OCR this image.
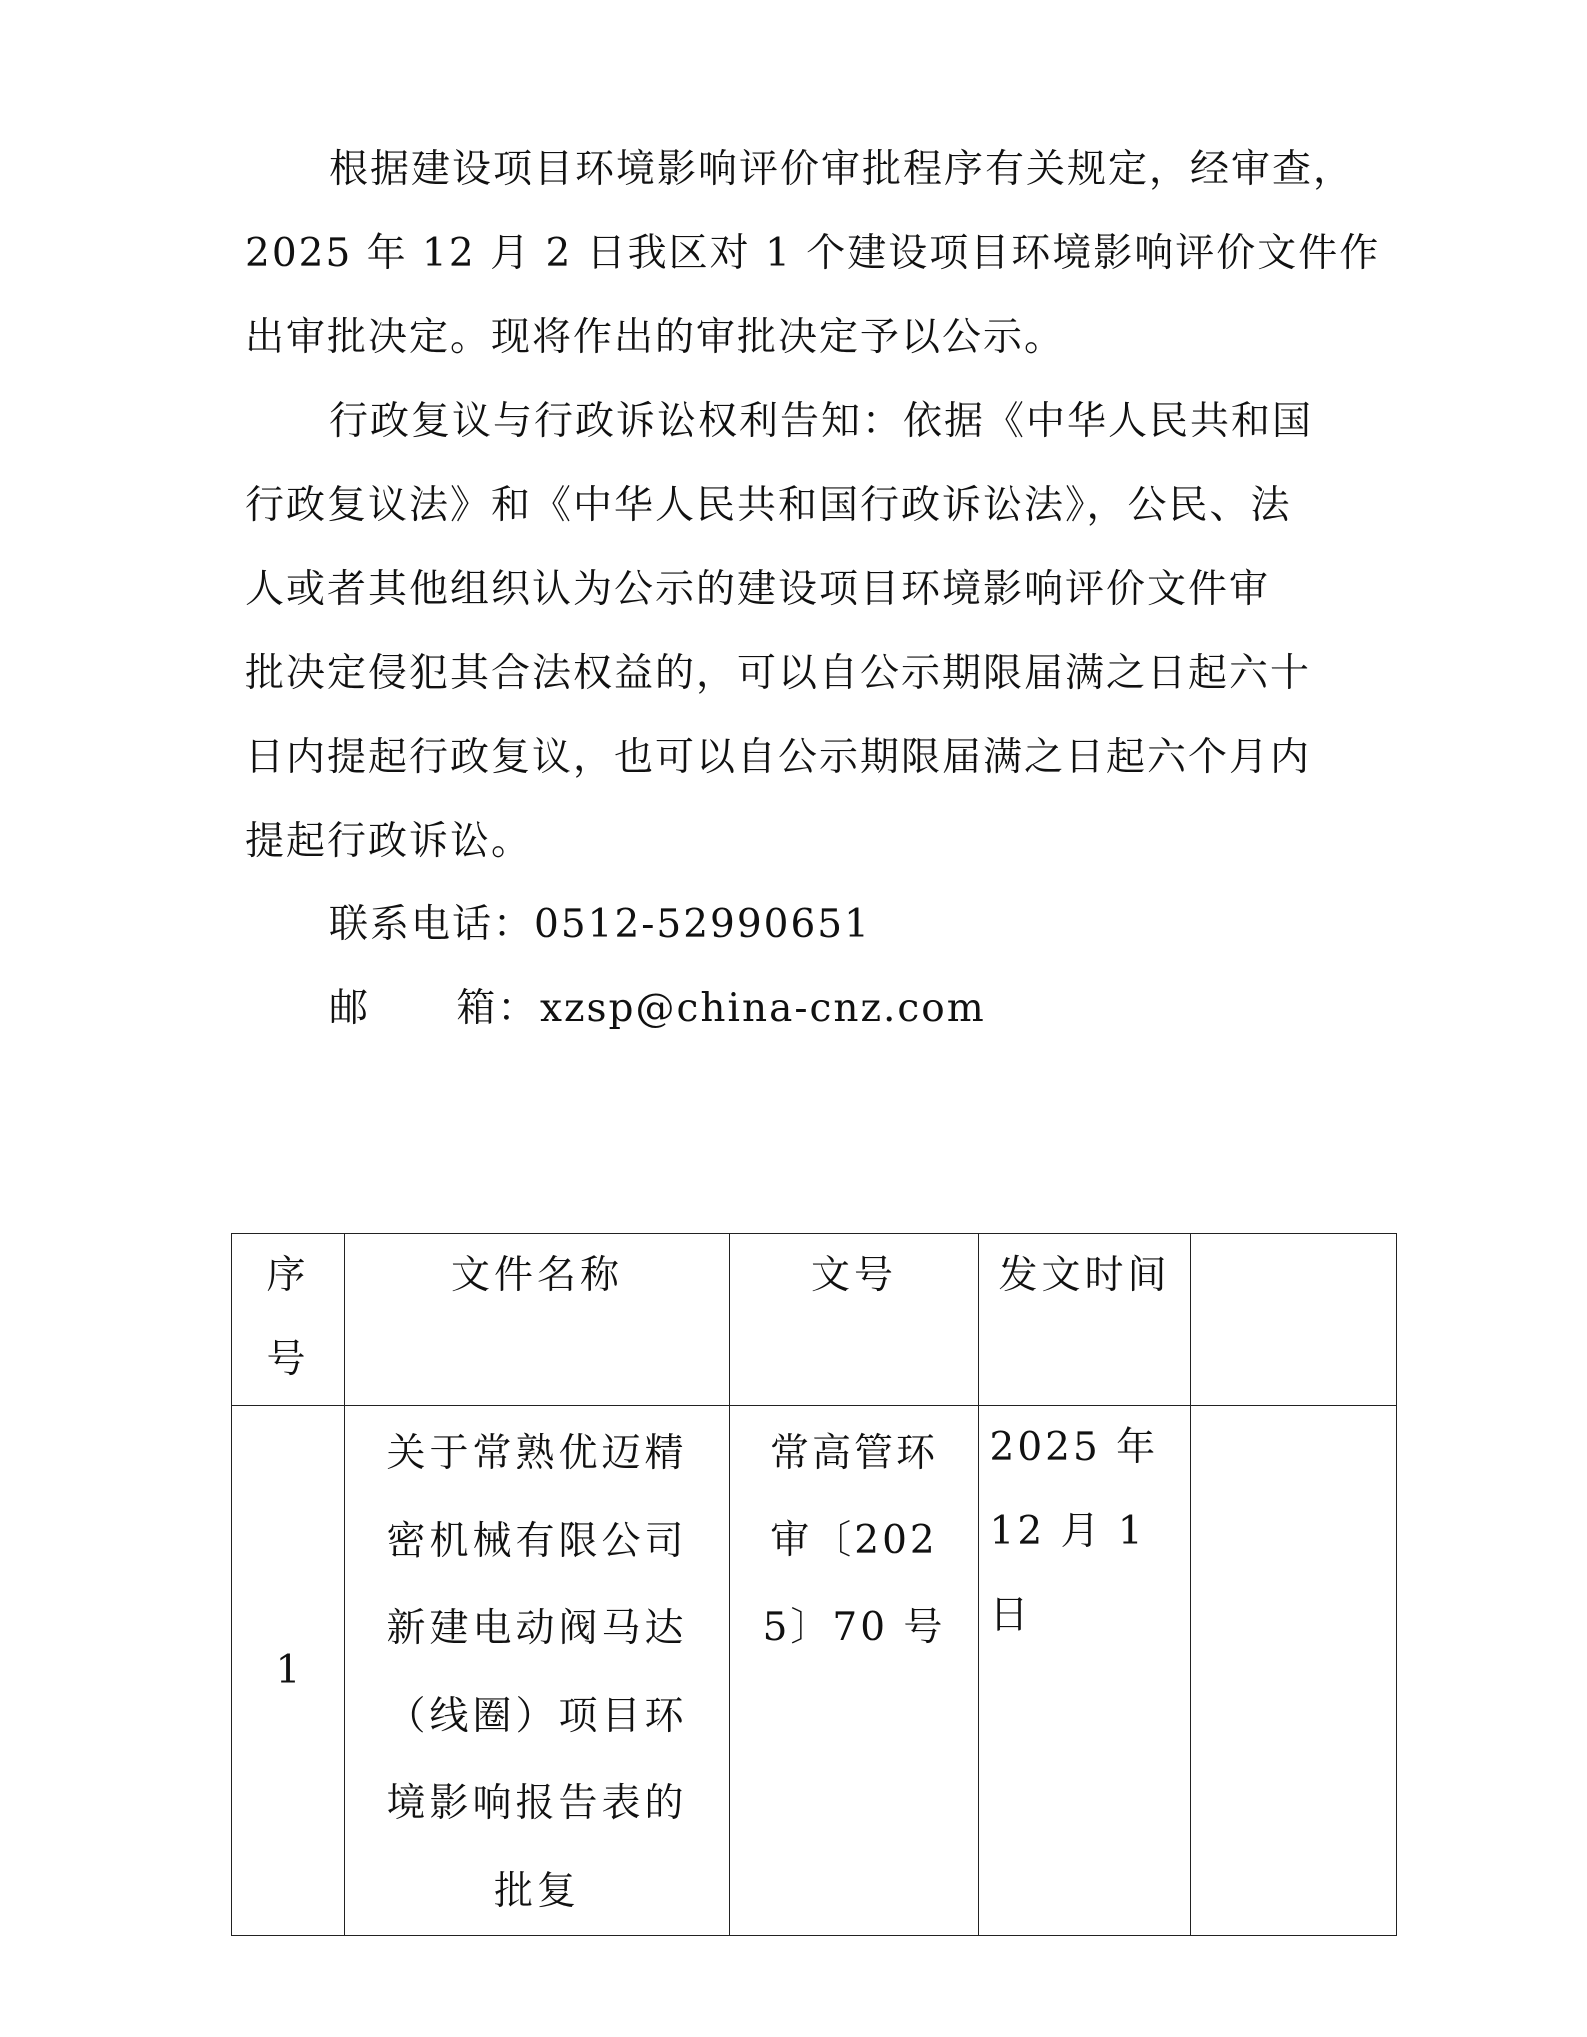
根据建设项目环境影响评价审批程序有关规定，经审查，
2025 年 12 月 2 日我区对 1 个建设项目环境影响评价文件作
出审批决定。现将作出的审批决定予以公示。
行政复议与行政诉讼权利告知：依据《中华人民共和国
行政复议法》和《中华人民共和国行政诉讼法》，公民、法
人或者其他组织认为公示的建设项目环境影响评价文件审
批决定侵犯其合法权益的，可以自公示期限届满之日起六十
日内提起行政复议，也可以自公示期限届满之日起六个月内
提起行政诉讼。
联系电话：0512-52990651
邮      箱： xzsp@china-cnz.com
序号	文件名称	文号	发文时间	

1	关于常熟优迈精密机械有限公司新建电动阀马达（线圈）项目环境影响报告表的批复	常高管环审〔2025〕70 号	2025 年12 月 1 日	
